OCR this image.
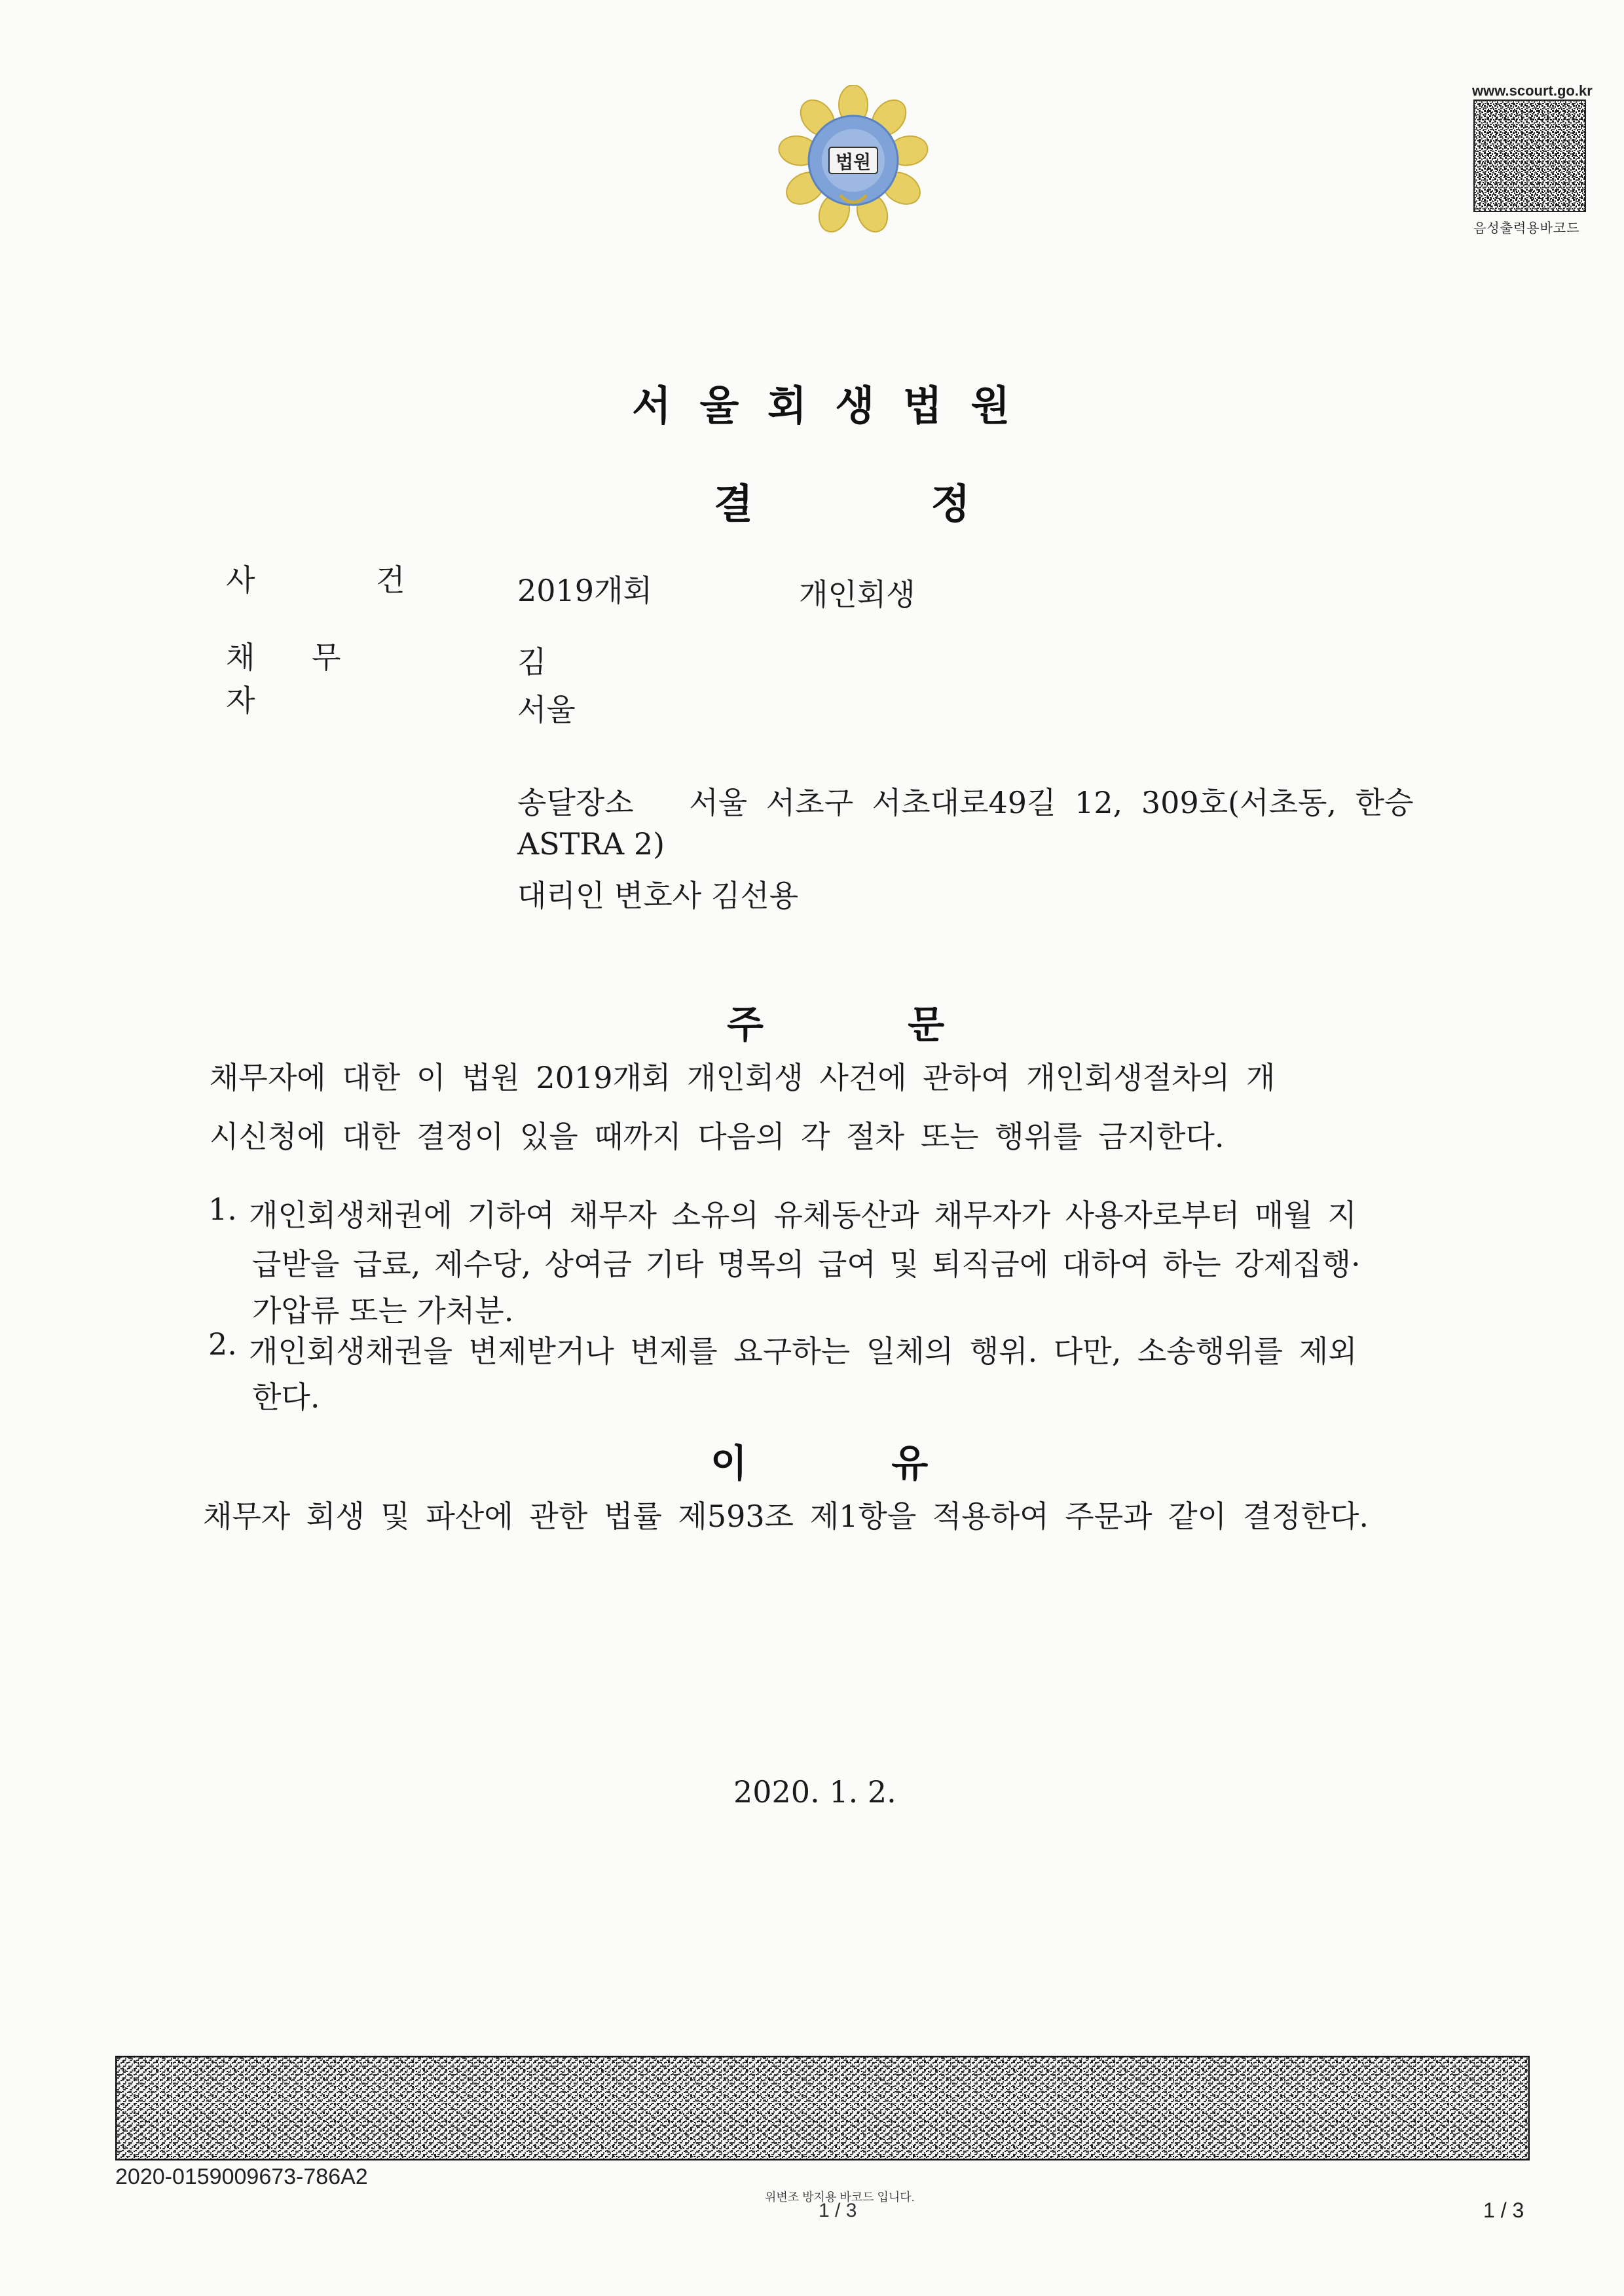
법원
www.scourt.go.kr
음성출력용바코드
서 울 회 생 법 원
결 정
사 건	2019개회	개인회생
채 무 자
김
서울
송달장소 서울 서초구 서초대로49길 12, 309호(서초동, 한승
ASTRA 2)
대리인 변호사 김선용
주 문
채무자에 대한 이 법원 2019개회 개인회생 사건에 관하여 개인회생절차의 개
시신청에 대한 결정이 있을 때까지 다음의 각 절차 또는 행위를 금지한다.
1. 개인회생채권에 기하여 채무자 소유의 유체동산과 채무자가 사용자로부터 매월 지
급받을 급료, 제수당, 상여금 기타 명목의 급여 및 퇴직금에 대하여 하는 강제집행·
가압류 또는 가처분.
2. 개인회생채권을 변제받거나 변제를 요구하는 일체의 행위. 다만, 소송행위를 제외
한다.
이 유
채무자 회생 및 파산에 관한 법률 제593조 제1항을 적용하여 주문과 같이 결정한다.
2020. 1. 2.
2020-0159009673-786A2
위변조 방지용 바코드 입니다.
1 / 3	1 / 3
